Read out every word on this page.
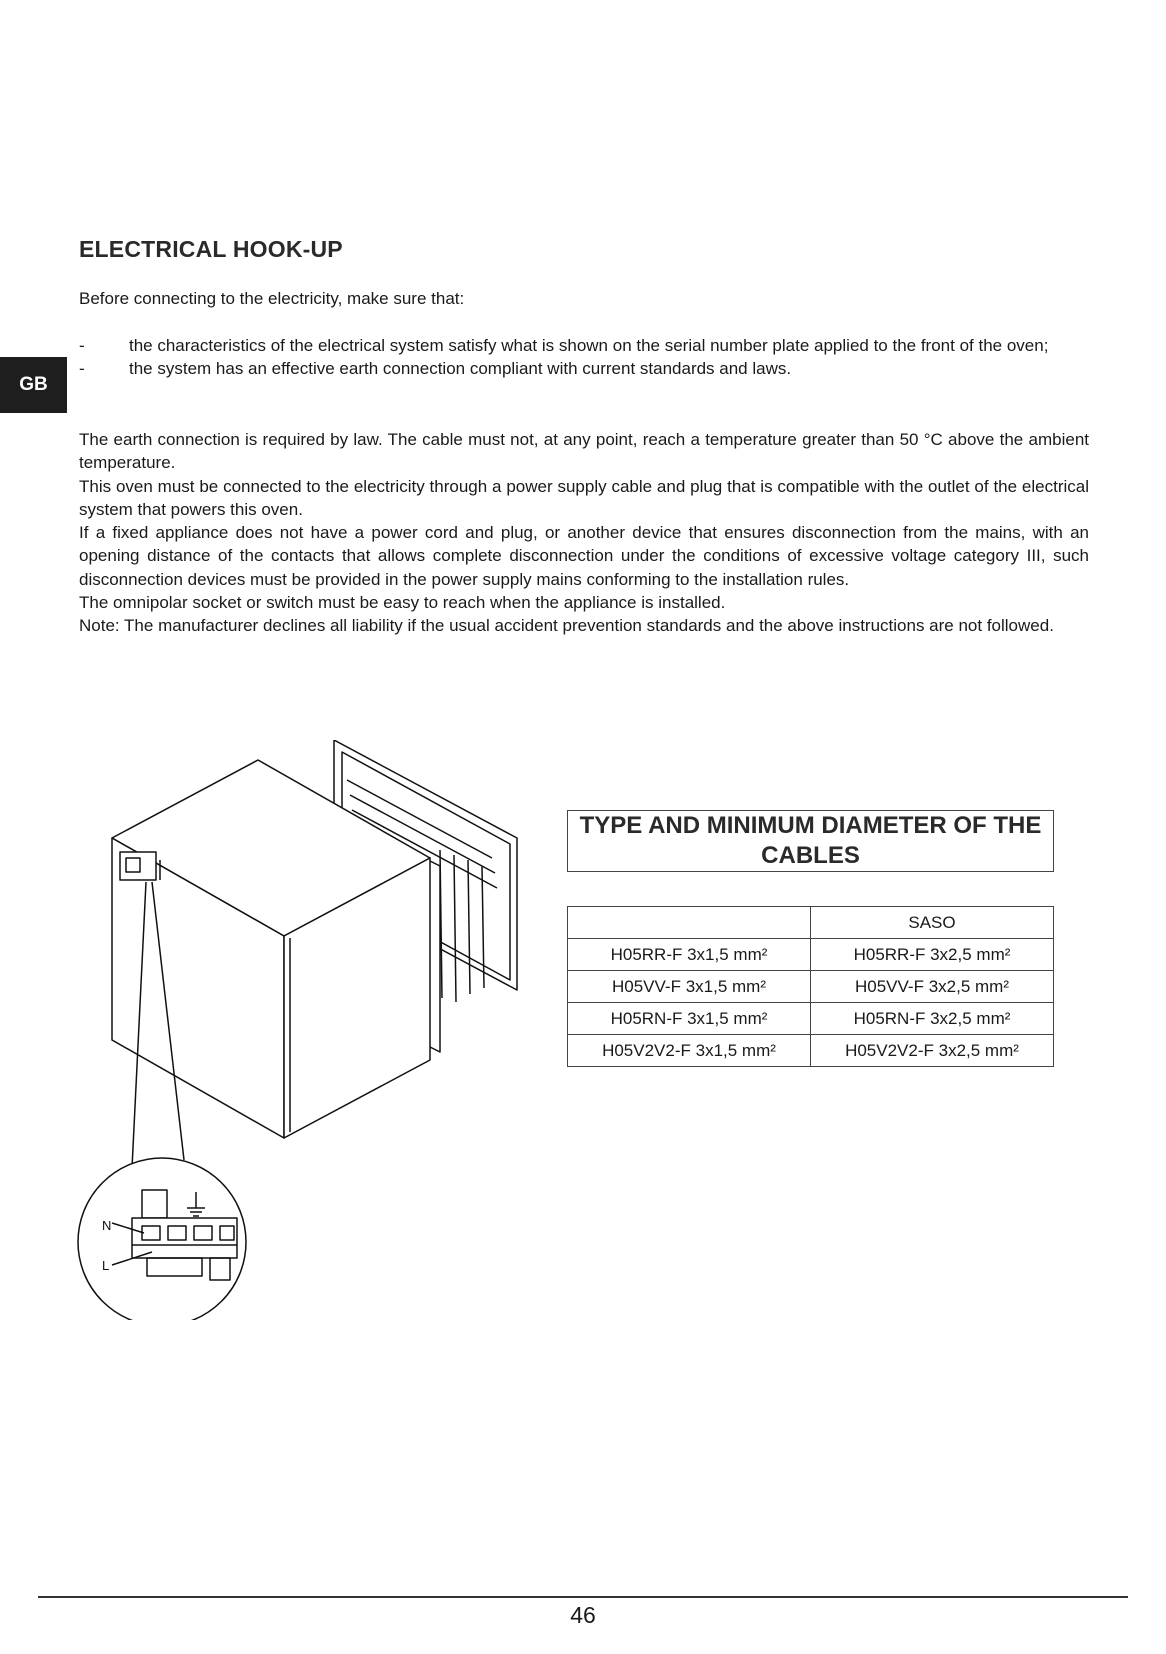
GB
ELECTRICAL HOOK-UP
Before connecting to the electricity, make sure that:
-	the characteristics of the electrical system satisfy what is shown on the serial number plate applied to the front of the oven;
-	the system has an effective earth connection compliant with current standards and laws.
The earth connection is required by law. The cable must not, at any point, reach a temperature greater than 50 °C above the ambient temperature.
This oven must be connected to the electricity through a power supply cable and plug that is compatible with the outlet of the electrical system that powers this oven.
If a fixed appliance does not have a power cord and plug, or another device that ensures disconnection from the mains, with an opening distance of the contacts that allows complete disconnection under the conditions of excessive voltage category III, such disconnection devices must be provided in the power supply mains conforming to the installation rules.
The omnipolar socket or switch must be easy to reach when the appliance is installed.
Note: The manufacturer declines all liability if the usual accident prevention standards and the above instructions are not followed.
N
L
TYPE AND MINIMUM DIAMETER OF THE CABLES
	SASO
H05RR-F 3x1,5 mm²	H05RR-F 3x2,5 mm²
H05VV-F 3x1,5 mm²	H05VV-F 3x2,5 mm²
H05RN-F 3x1,5 mm²	H05RN-F 3x2,5 mm²
H05V2V2-F 3x1,5 mm²	H05V2V2-F 3x2,5 mm²
46
